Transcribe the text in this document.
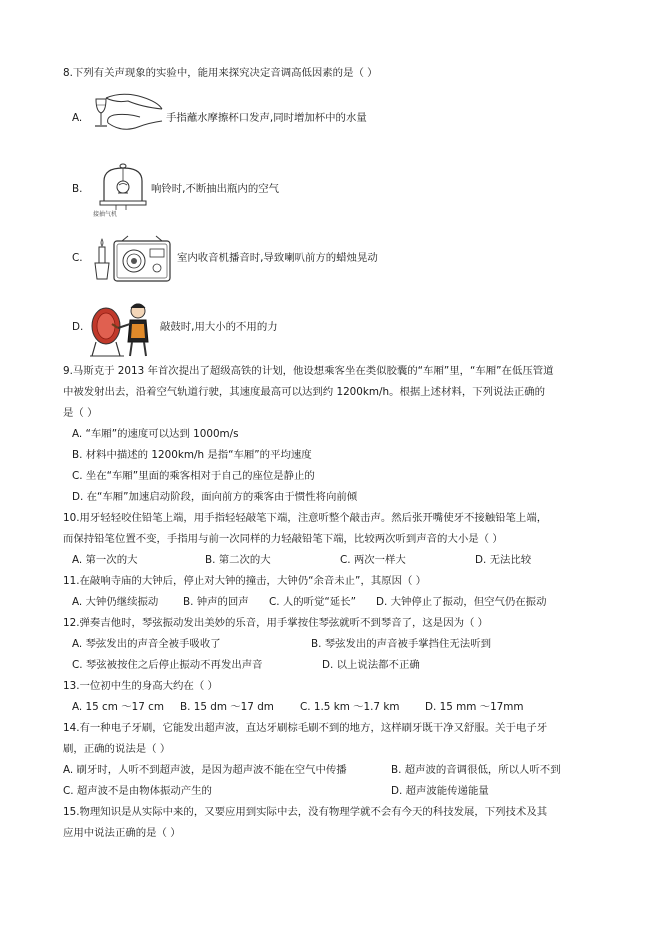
8.下列有关声现象的实验中，能用来探究决定音调高低因素的是（ ）
A.	手指蘸水摩擦杯口发声,同时增加杯中的水量
B.
接抽气机
响铃时,不断抽出瓶内的空气
C.	室内收音机播音时,导致喇叭前方的蜡烛晃动
D.	敲鼓时,用大小的不用的力
9.马斯克于 2013 年首次提出了超级高铁的计划，他设想乘客坐在类似胶囊的“车厢”里，“车厢”在低压管道
中被发射出去，沿着空气轨道行驶，其速度最高可以达到约 1200km/h。根据上述材料，下列说法正确的
是（ ）
A. “车厢”的速度可以达到 1000m/s
B. 材料中描述的 1200km/h 是指“车厢”的平均速度
C. 坐在“车厢”里面的乘客相对于自己的座位是静止的
D. 在“车厢”加速启动阶段，面向前方的乘客由于惯性将向前倾
10.用牙轻轻咬住铅笔上端，用手指轻轻敲笔下端，注意听整个敲击声。然后张开嘴使牙不接触铅笔上端，
而保持铅笔位置不变，手指用与前一次同样的力轻敲铅笔下端，比较两次听到声音的大小是（ ）
A. 第一次的大	B. 第二次的大	C. 两次一样大	D. 无法比较
11.在敲响寺庙的大钟后，停止对大钟的撞击，大钟仍“余音未止”，其原因（ ）
A. 大钟仍继续振动 B. 钟声的回声 C. 人的听觉“延长” D. 大钟停止了振动，但空气仍在振动
12.弹奏吉他时，琴弦振动发出美妙的乐音，用手掌按住琴弦就听不到琴音了，这是因为（ ）
A. 琴弦发出的声音全被手吸收了	B. 琴弦发出的声音被手掌挡住无法听到
C. 琴弦被按住之后停止振动不再发出声音	D. 以上说法都不正确
13.一位初中生的身高大约在（ ）
A. 15 cm ～17 cm B. 15 dm ～17 dm	C. 1.5 km ～1.7 km D. 15 mm ～17mm
14.有一种电子牙刷，它能发出超声波，直达牙刷棕毛刷不到的地方，这样刷牙既干净又舒服。关于电子牙
刷，正确的说法是（ ）
A. 刷牙时，人听不到超声波，是因为超声波不能在空气中传播	B. 超声波的音调很低，所以人听不到
C. 超声波不是由物体振动产生的	D. 超声波能传递能量
15.物理知识是从实际中来的，又要应用到实际中去，没有物理学就不会有今天的科技发展，下列技术及其
应用中说法正确的是（ ）
